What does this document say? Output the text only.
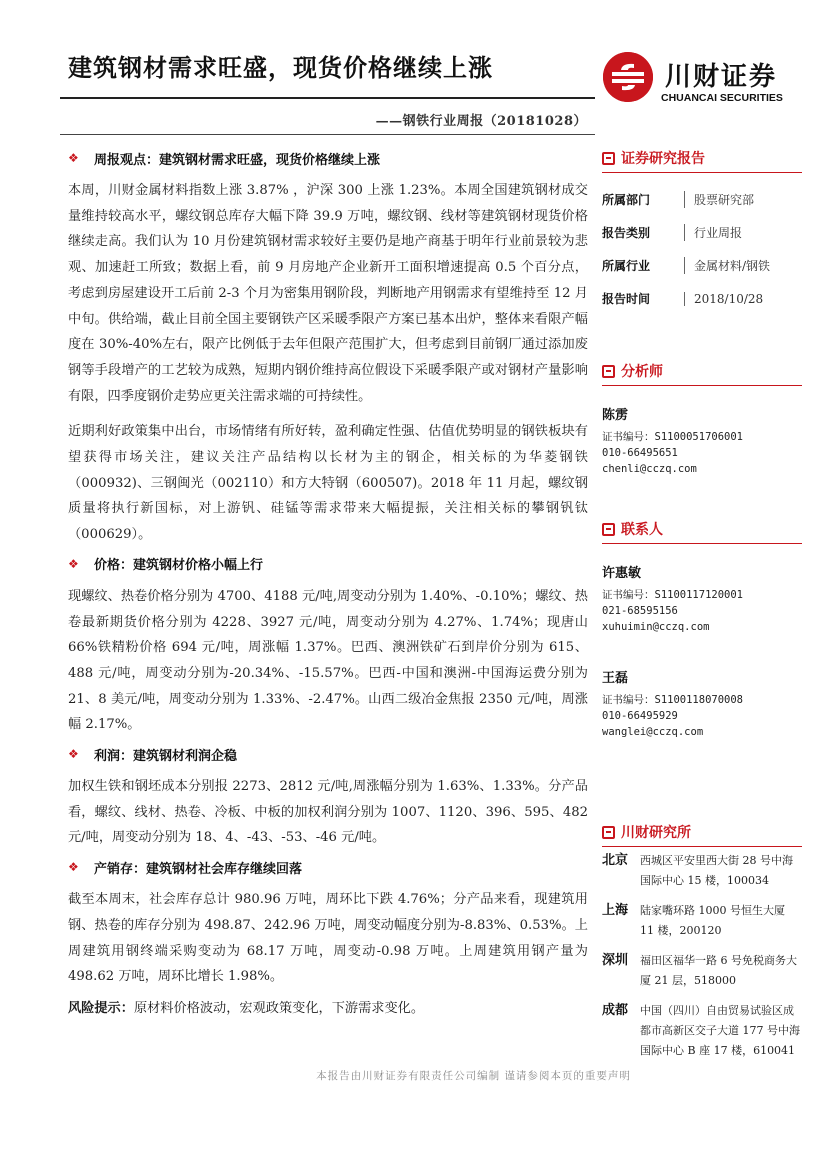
建筑钢材需求旺盛，现货价格继续上涨
——钢铁行业周报（20181028）
川财证券
CHUANCAI SECURITIES
❖	周报观点：建筑钢材需求旺盛，现货价格继续上涨

本周，川财金属材料指数上涨 3.87% ，沪深 300 上涨 1.23%。本周全国建筑钢材成交量维持较高水平，螺纹钢总库存大幅下降 39.9 万吨，螺纹钢、线材等建筑钢材现货价格继续走高。我们认为 10 月份建筑钢材需求较好主要仍是地产商基于明年行业前景较为悲观、加速赶工所致；数据上看，前 9 月房地产企业新开工面积增速提高 0.5 个百分点，考虑到房屋建设开工后前 2-3 个月为密集用钢阶段，判断地产用钢需求有望维持至 12 月中旬。供给端，截止目前全国主要钢铁产区采暖季限产方案已基本出炉，整体来看限产幅度在 30%-40%左右，限产比例低于去年但限产范围扩大，但考虑到目前钢厂通过添加废钢等手段增产的工艺较为成熟，短期内钢价维持高位假设下采暖季限产或对钢材产量影响有限，四季度钢价走势应更关注需求端的可持续性。

近期利好政策集中出台，市场情绪有所好转，盈利确定性强、估值优势明显的钢铁板块有望获得市场关注，建议关注产品结构以长材为主的钢企，相关标的为华菱钢铁（000932)、三钢闽光（002110）和方大特钢（600507)。2018 年 11 月起，螺纹钢质量将执行新国标，对上游钒、硅锰等需求带来大幅提振，关注相关标的攀钢钒钛（000629）。

❖	价格：建筑钢材价格小幅上行

现螺纹、热卷价格分别为 4700、4188 元/吨,周变动分别为 1.40%、-0.10%；螺纹、热卷最新期货价格分别为 4228、3927 元/吨，周变动分别为 4.27%、1.74%；现唐山 66%铁精粉价格 694 元/吨，周涨幅 1.37%。巴西、澳洲铁矿石到岸价分别为 615、488 元/吨，周变动分别为-20.34%、-15.57%。巴西-中国和澳洲-中国海运费分别为 21、8 美元/吨，周变动分别为 1.33%、-2.47%。山西二级冶金焦报 2350 元/吨，周涨幅 2.17%。

❖	利润：建筑钢材利润企稳

加权生铁和钢坯成本分别报 2273、2812 元/吨,周涨幅分别为 1.63%、1.33%。分产品看，螺纹、线材、热卷、冷板、中板的加权利润分别为 1007、1120、396、595、482 元/吨，周变动分别为 18、4、-43、-53、-46 元/吨。

❖	产销存：建筑钢材社会库存继续回落

截至本周末，社会库存总计 980.96 万吨，周环比下跌 4.76%；分产品来看，现建筑用钢、热卷的库存分别为 498.87、242.96 万吨，周变动幅度分别为-8.83%、0.53%。上周建筑用钢终端采购变动为 68.17 万吨，周变动-0.98 万吨。上周建筑用钢产量为 498.62 万吨，周环比增长 1.98%。

风险提示：原材料价格波动，宏观政策变化，下游需求变化。
证券研究报告
所属部门	股票研究部
报告类别	行业周报
所属行业	金属材料/钢铁
报告时间	2018/10/28
分析师
陈雳
证书编号：S1100051706001
010-66495651
chenli@cczq.com
联系人
许惠敏
证书编号：S1100117120001
021-68595156
xuhuimin@cczq.com
王磊
证书编号：S1100118070008
010-66495929
wanglei@cczq.com
川财研究所
北京	西城区平安里西大街 28 号中海国际中心 15 楼，100034
上海	陆家嘴环路 1000 号恒生大厦 11 楼，200120
深圳	福田区福华一路 6 号免税商务大厦 21 层，518000
成都	中国（四川）自由贸易试验区成都市高新区交子大道 177 号中海国际中心 B 座 17 楼，610041
本报告由川财证券有限责任公司编制 谨请参阅本页的重要声明
